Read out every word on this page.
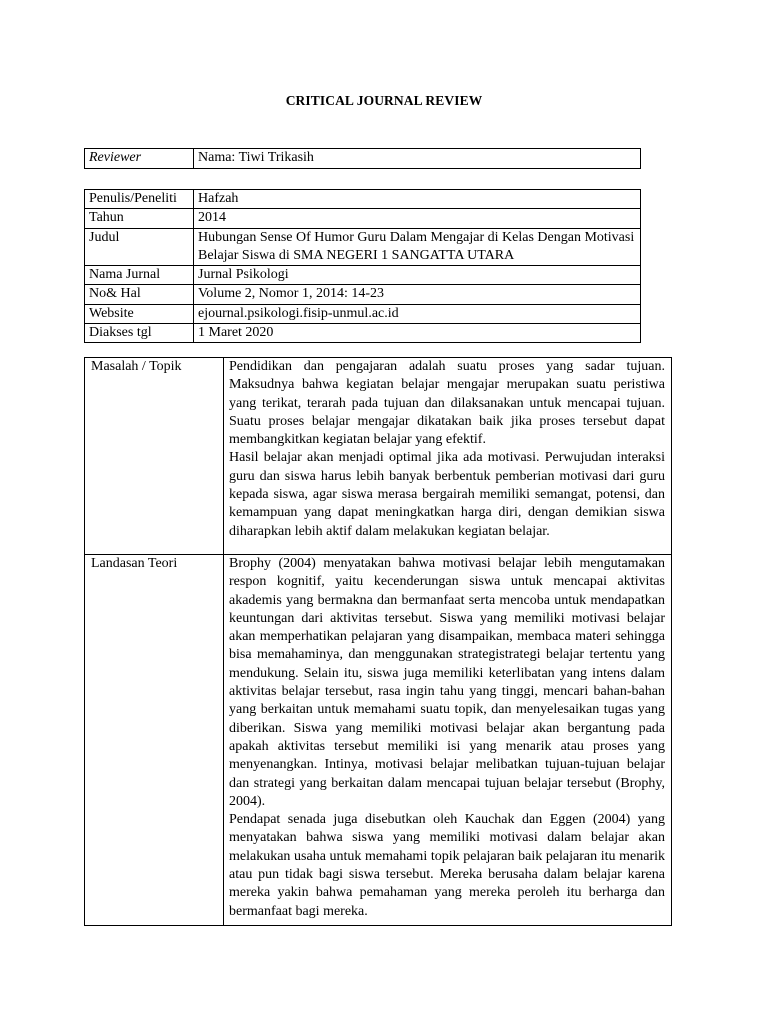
CRITICAL JOURNAL REVIEW
Reviewer	Nama: Tiwi Trikasih
Penulis/Peneliti	Hafzah
Tahun	2014
Judul	Hubungan Sense Of Humor Guru Dalam Mengajar di Kelas Dengan Motivasi Belajar Siswa di SMA NEGERI 1 SANGATTA UTARA
Nama Jurnal	Jurnal Psikologi
No& Hal	Volume 2, Nomor 1, 2014: 14-23
Website	ejournal.psikologi.fisip-unmul.ac.id
Diakses tgl	1 Maret 2020
Masalah / Topik	Pendidikan dan pengajaran adalah suatu proses yang sadar tujuan. Maksudnya bahwa kegiatan belajar mengajar merupakan suatu peristiwa yang terikat, terarah pada tujuan dan dilaksanakan untuk mencapai tujuan. Suatu proses belajar mengajar dikatakan baik jika proses tersebut dapat membangkitkan kegiatan belajar yang efektif.

Hasil belajar akan menjadi optimal jika ada motivasi. Perwujudan interaksi guru dan siswa harus lebih banyak berbentuk pemberian motivasi dari guru kepada siswa, agar siswa merasa bergairah memiliki semangat, potensi, dan kemampuan yang dapat meningkatkan harga diri, dengan demikian siswa diharapkan lebih aktif dalam melakukan kegiatan belajar.

Landasan Teori	Brophy (2004) menyatakan bahwa motivasi belajar lebih mengutamakan respon kognitif, yaitu kecenderungan siswa untuk mencapai aktivitas akademis yang bermakna dan bermanfaat serta mencoba untuk mendapatkan keuntungan dari aktivitas tersebut. Siswa yang memiliki motivasi belajar akan memperhatikan pelajaran yang disampaikan, membaca materi sehingga bisa memahaminya, dan menggunakan strategistrategi belajar tertentu yang mendukung. Selain itu, siswa juga memiliki keterlibatan yang intens dalam aktivitas belajar tersebut, rasa ingin tahu yang tinggi, mencari bahan-bahan yang berkaitan untuk memahami suatu topik, dan menyelesaikan tugas yang diberikan. Siswa yang memiliki motivasi belajar akan bergantung pada apakah aktivitas tersebut memiliki isi yang menarik atau proses yang menyenangkan. Intinya, motivasi belajar melibatkan tujuan-tujuan belajar dan strategi yang berkaitan dalam mencapai tujuan belajar tersebut (Brophy, 2004).

Pendapat senada juga disebutkan oleh Kauchak dan Eggen (2004) yang menyatakan bahwa siswa yang memiliki motivasi dalam belajar akan melakukan usaha untuk memahami topik pelajaran baik pelajaran itu menarik atau pun tidak bagi siswa tersebut. Mereka berusaha dalam belajar karena mereka yakin bahwa pemahaman yang mereka peroleh itu berharga dan bermanfaat bagi mereka.
